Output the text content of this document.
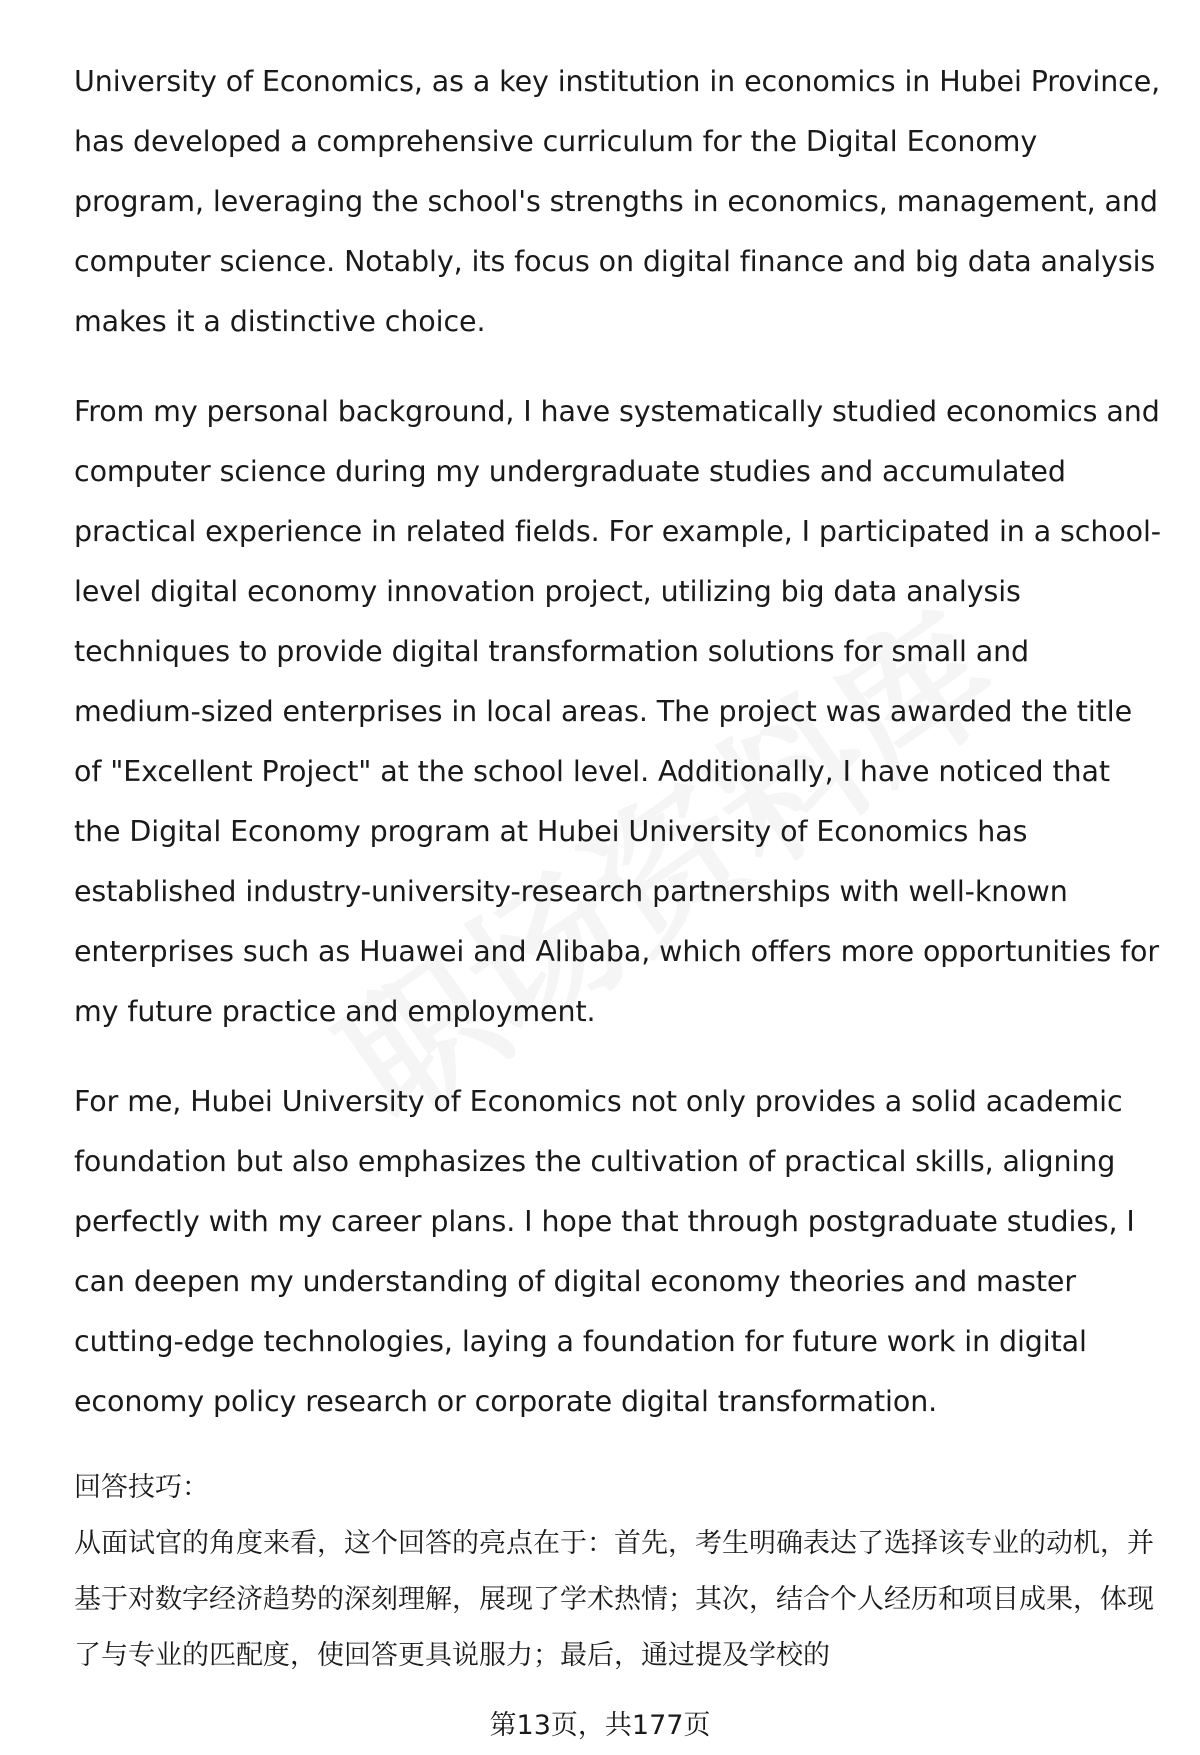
University of Economics, as a key institution in economics in Hubei Province, has developed a comprehensive curriculum for the Digital Economy program, leveraging the school's strengths in economics, management, and computer science. Notably, its focus on digital finance and big data analysis makes it a distinctive choice.

From my personal background, I have systematically studied economics and computer science during my undergraduate studies and accumulated practical experience in related fields. For example, I participated in a school-level digital economy innovation project, utilizing big data analysis techniques to provide digital transformation solutions for small and medium-sized enterprises in local areas. The project was awarded the title of "Excellent Project" at the school level. Additionally, I have noticed that the Digital Economy program at Hubei University of Economics has established industry-university-research partnerships with well-known enterprises such as Huawei and Alibaba, which offers more opportunities for my future practice and employment.

For me, Hubei University of Economics not only provides a solid academic foundation but also emphasizes the cultivation of practical skills, aligning perfectly with my career plans. I hope that through postgraduate studies, I can deepen my understanding of digital economy theories and master cutting-edge technologies, laying a foundation for future work in digital economy policy research or corporate digital transformation.

回答技巧：

从面试官的角度来看，这个回答的亮点在于：首先，考生明确表达了选择该专业的动机，并基于对数字经济趋势的深刻理解，展现了学术热情；其次，结合个人经历和项目成果，体现了与专业的匹配度，使回答更具说服力；最后，通过提及学校的

第13页，共177页
